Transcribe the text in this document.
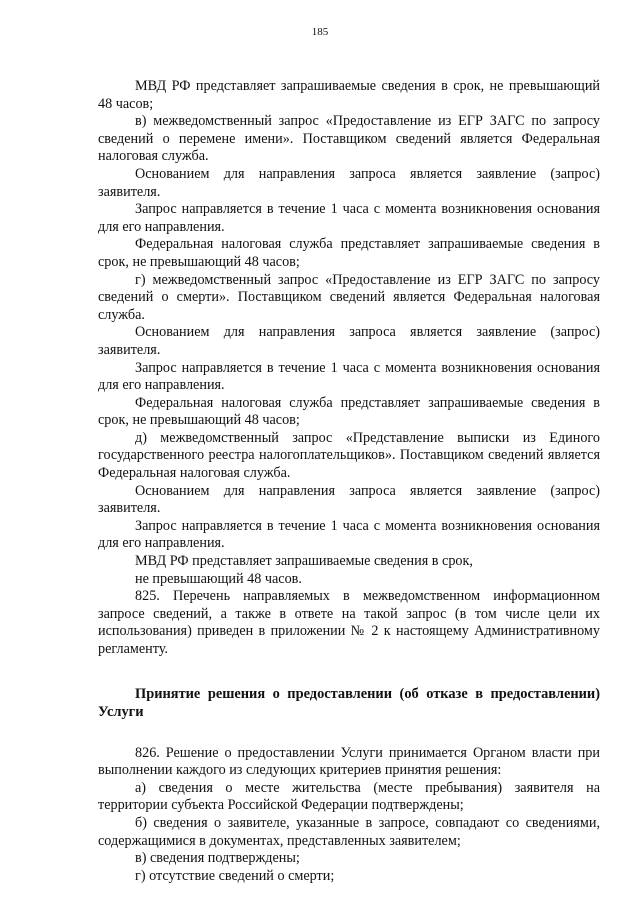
185

МВД РФ представляет запрашиваемые сведения в срок, не превышающий 48 часов;

в) межведомственный запрос «Предоставление из ЕГР ЗАГС по запросу сведений о перемене имени». Поставщиком сведений является Федеральная налоговая служба.

Основанием для направления запроса является заявление (запрос) заявителя.

Запрос направляется в течение 1 часа с момента возникновения основания для его направления.

Федеральная налоговая служба представляет запрашиваемые сведения в срок, не превышающий 48 часов;

г) межведомственный запрос «Предоставление из ЕГР ЗАГС по запросу сведений о смерти». Поставщиком сведений является Федеральная налоговая служба.

Основанием для направления запроса является заявление (запрос) заявителя.

Запрос направляется в течение 1 часа с момента возникновения основания для его направления.

Федеральная налоговая служба представляет запрашиваемые сведения в срок, не превышающий 48 часов;

д) межведомственный запрос «Представление выписки из Единого государственного реестра налогоплательщиков». Поставщиком сведений является Федеральная налоговая служба.

Основанием для направления запроса является заявление (запрос) заявителя.

Запрос направляется в течение 1 часа с момента возникновения основания для его направления.

МВД РФ представляет запрашиваемые сведения в срок,

не превышающий 48 часов.

825. Перечень направляемых в межведомственном информационном запросе сведений, а также в ответе на такой запрос (в том числе цели их использования) приведен в приложении № 2 к настоящему Административному регламенту.

Принятие решения о предоставлении (об отказе в предоставлении) Услуги

826. Решение о предоставлении Услуги принимается Органом власти при выполнении каждого из следующих критериев принятия решения:

а) сведения о месте жительства (месте пребывания) заявителя на территории субъекта Российской Федерации подтверждены;

б) сведения о заявителе, указанные в запросе, совпадают со сведениями, содержащимися в документах, представленных заявителем;

в) сведения подтверждены;

г) отсутствие сведений о смерти;
